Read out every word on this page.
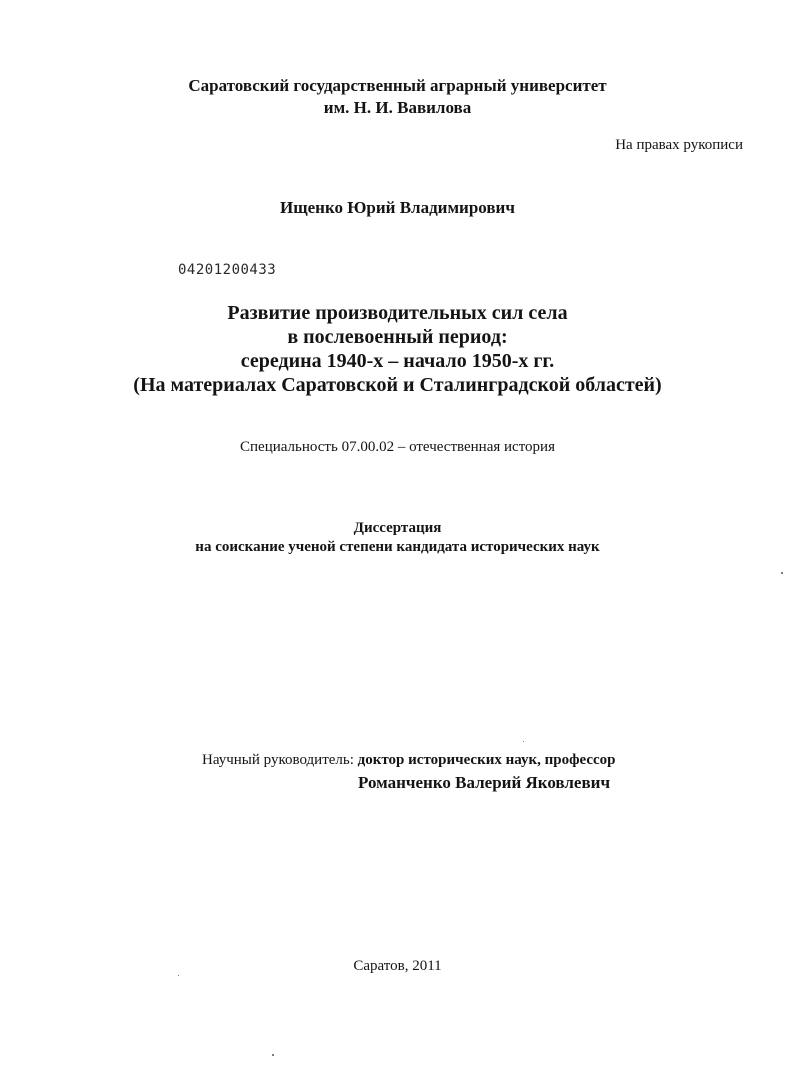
Саратовский государственный аграрный университет

им. Н. И. Вавилова

На правах рукописи

Ищенко Юрий Владимирович

04201200433

Развитие производительных сил села

в послевоенный период:

середина 1940-х – начало 1950-х гг.

(На материалах Саратовской и Сталинградской областей)

Специальность 07.00.02 – отечественная история

Диссертация

на соискание ученой степени кандидата исторических наук

Научный руководитель: доктор исторических наук, профессор

Романченко Валерий Яковлевич

Саратов, 2011
